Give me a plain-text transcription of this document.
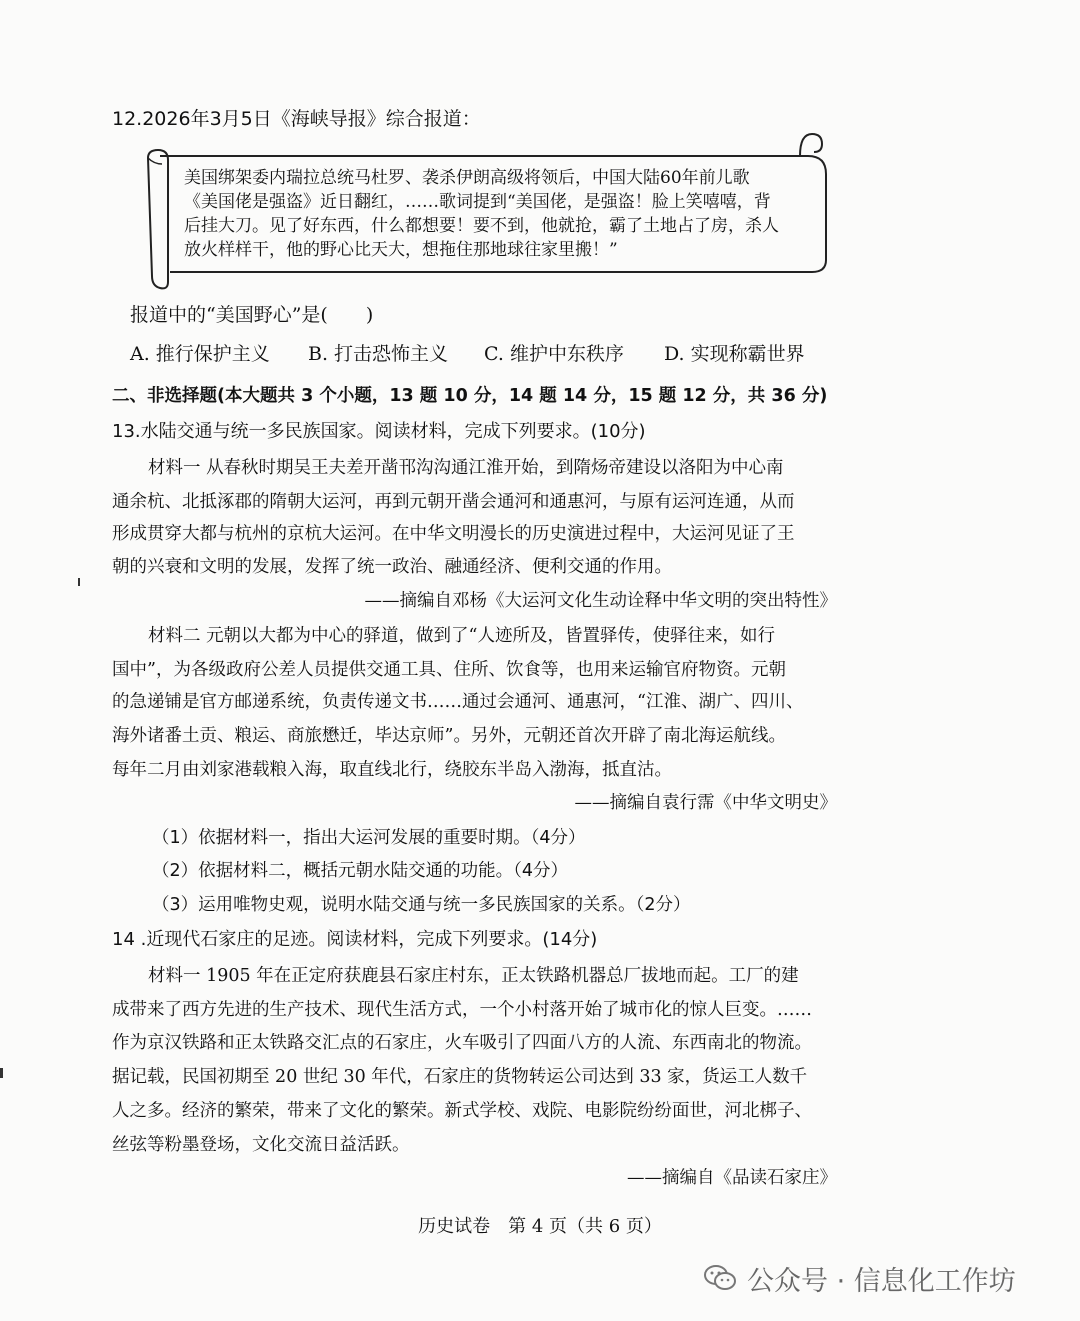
12.2026年3月5日《海峡导报》综合报道：
美国绑架委内瑞拉总统马杜罗、袭杀伊朗高级将领后，中国大陆60年前儿歌
《美国佬是强盗》近日翻红，……歌词提到“美国佬，是强盗！脸上笑嘻嘻，背
后挂大刀。见了好东西，什么都想要！要不到，他就抢，霸了土地占了房，杀人
放火样样干，他的野心比天大，想拖住那地球往家里搬！”
报道中的“美国野心”是(　　)
A. 推行保护主义 B. 打击恐怖主义 C. 维护中东秩序 D. 实现称霸世界
二、非选择题(本大题共 3 个小题，13 题 10 分，14 题 14 分，15 题 12 分，共 36 分)
13.水陆交通与统一多民族国家。阅读材料，完成下列要求。(10分)
材料一 从春秋时期吴王夫差开凿邗沟沟通江淮开始，到隋炀帝建设以洛阳为中心南
通余杭、北抵涿郡的隋朝大运河，再到元朝开凿会通河和通惠河，与原有运河连通，从而
形成贯穿大都与杭州的京杭大运河。在中华文明漫长的历史演进过程中，大运河见证了王
朝的兴衰和文明的发展，发挥了统一政治、融通经济、便利交通的作用。
——摘编自邓杨《大运河文化生动诠释中华文明的突出特性》
材料二 元朝以大都为中心的驿道，做到了“人迹所及，皆置驿传，使驿往来，如行
国中”，为各级政府公差人员提供交通工具、住所、饮食等，也用来运输官府物资。元朝
的急递铺是官方邮递系统，负责传递文书……通过会通河、通惠河，“江淮、湖广、四川、
海外诸番土贡、粮运、商旅懋迁，毕达京师”。另外，元朝还首次开辟了南北海运航线。
每年二月由刘家港载粮入海，取直线北行，绕胶东半岛入渤海，抵直沽。
——摘编自袁行霈《中华文明史》
（1）依据材料一，指出大运河发展的重要时期。（4分）
（2）依据材料二，概括元朝水陆交通的功能。（4分）
（3）运用唯物史观，说明水陆交通与统一多民族国家的关系。（2分）
14 .近现代石家庄的足迹。阅读材料，完成下列要求。(14分)
材料一 1905 年在正定府获鹿县石家庄村东，正太铁路机器总厂拔地而起。工厂的建
成带来了西方先进的生产技术、现代生活方式，一个小村落开始了城市化的惊人巨变。……
作为京汉铁路和正太铁路交汇点的石家庄，火车吸引了四面八方的人流、东西南北的物流。
据记载，民国初期至 20 世纪 30 年代，石家庄的货物转运公司达到 33 家，货运工人数千
人之多。经济的繁荣，带来了文化的繁荣。新式学校、戏院、电影院纷纷面世，河北梆子、
丝弦等粉墨登场，文化交流日益活跃。
——摘编自《品读石家庄》
历史试卷　第 4 页（共 6 页）
公众号 · 信息化工作坊
